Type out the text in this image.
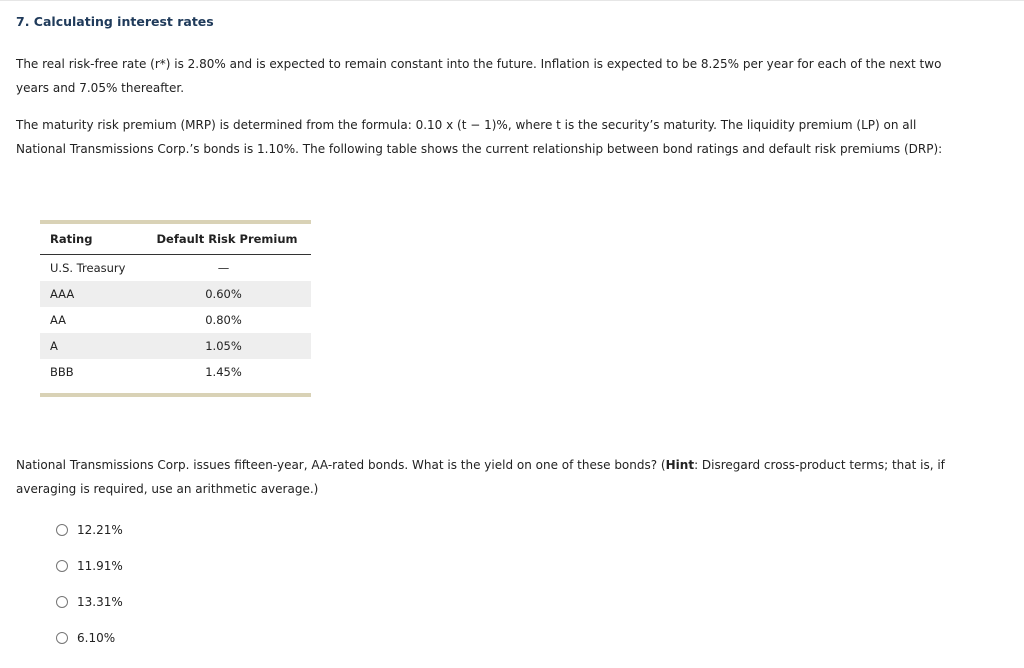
7. Calculating interest rates

The real risk-free rate (r*) is 2.80% and is expected to remain constant into the future. Inflation is expected to be 8.25% per year for each of the next two years and 7.05% thereafter.

The maturity risk premium (MRP) is determined from the formula: 0.10 x (t − 1)%, where t is the security’s maturity. The liquidity premium (LP) on all National Transmissions Corp.’s bonds is 1.10%. The following table shows the current relationship between bond ratings and default risk premiums (DRP):

Rating	Default Risk Premium
U.S. Treasury	—
AAA	0.60%
AA	0.80%
A	1.05%
BBB	1.45%

National Transmissions Corp. issues fifteen-year, AA-rated bonds. What is the yield on one of these bonds? (Hint: Disregard cross-product terms; that is, if averaging is required, use an arithmetic average.)

12.21%
11.91%
13.31%
6.10%
